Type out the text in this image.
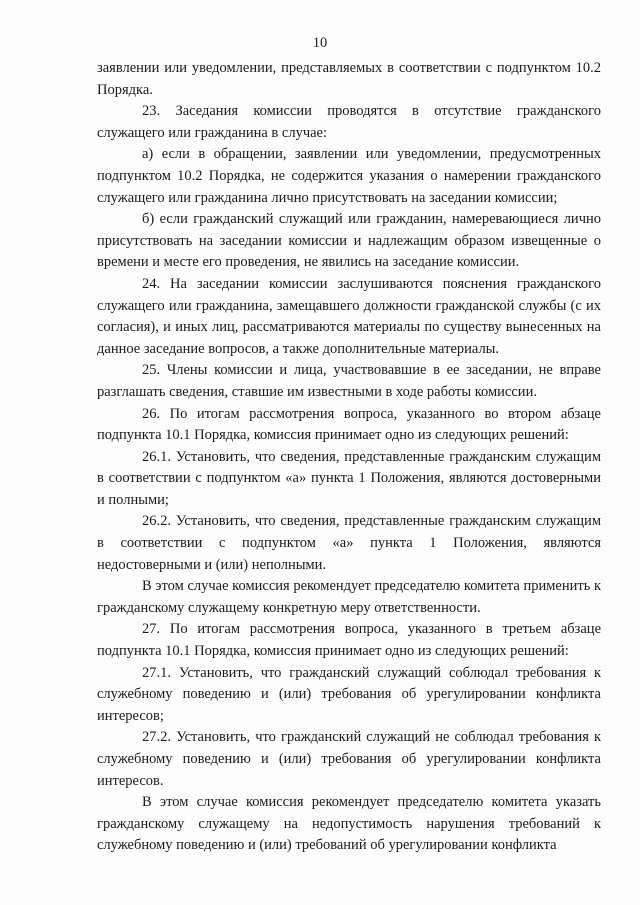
10

заявлении или уведомлении, представляемых в соответствии с подпунктом 10.2 Порядка.

23. Заседания комиссии проводятся в отсутствие гражданского служащего или гражданина в случае:

а) если в обращении, заявлении или уведомлении, предусмотренных подпунктом 10.2 Порядка, не содержится указания о намерении гражданского служащего или гражданина лично присутствовать на заседании комиссии;

б) если гражданский служащий или гражданин, намеревающиеся лично присутствовать на заседании комиссии и надлежащим образом извещенные о времени и месте его проведения, не явились на заседание комиссии.

24. На заседании комиссии заслушиваются пояснения гражданского служащего или гражданина, замещавшего должности гражданской службы (с их согласия), и иных лиц, рассматриваются материалы по существу вынесенных на данное заседание вопросов, а также дополнительные материалы.

25. Члены комиссии и лица, участвовавшие в ее заседании, не вправе разглашать сведения, ставшие им известными в ходе работы комиссии.

26. По итогам рассмотрения вопроса, указанного во втором абзаце подпункта 10.1 Порядка, комиссия принимает одно из следующих решений:

26.1. Установить, что сведения, представленные гражданским служащим в соответствии с подпунктом «а» пункта 1 Положения, являются достоверными и полными;

26.2. Установить, что сведения, представленные гражданским служащим в соответствии с подпунктом «а» пункта 1 Положения, являются недостоверными и (или) неполными.

В этом случае комиссия рекомендует председателю комитета применить к гражданскому служащему конкретную меру ответственности.

27. По итогам рассмотрения вопроса, указанного в третьем абзаце подпункта 10.1 Порядка, комиссия принимает одно из следующих решений:

27.1. Установить, что гражданский служащий соблюдал требования к служебному поведению и (или) требования об урегулировании конфликта интересов;

27.2. Установить, что гражданский служащий не соблюдал требования к служебному поведению и (или) требования об урегулировании конфликта интересов.

В этом случае комиссия рекомендует председателю комитета указать гражданскому служащему на недопустимость нарушения требований к служебному поведению и (или) требований об урегулировании конфликта
